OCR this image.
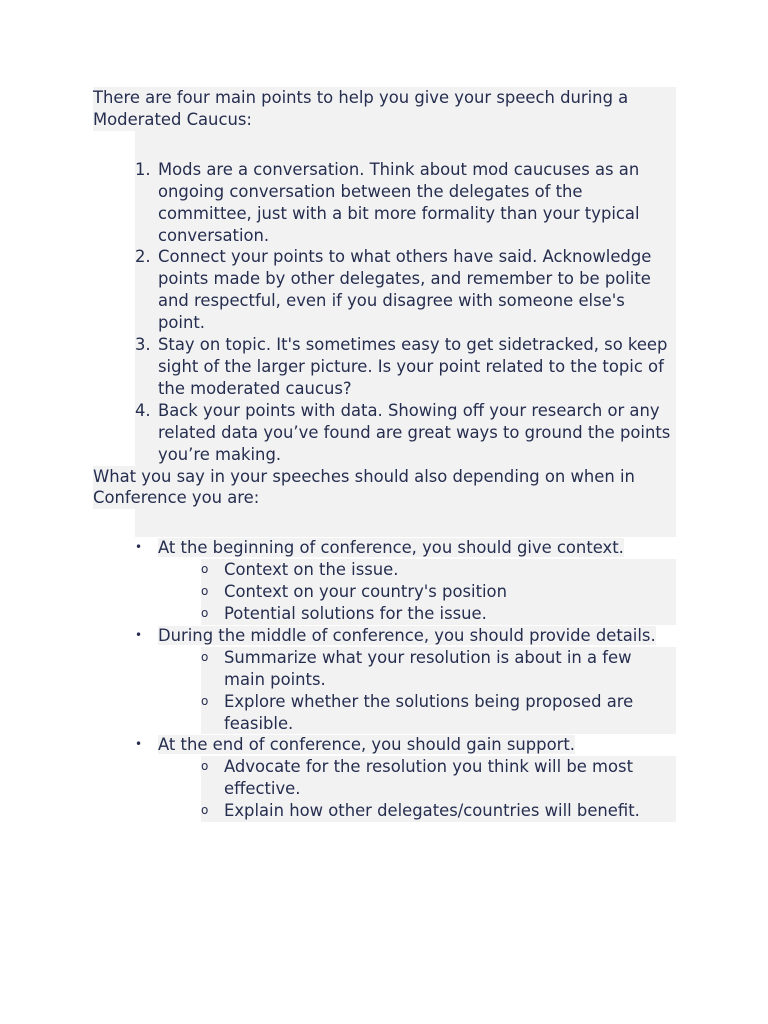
There are four main points to help you give your speech during a Moderated Caucus:

1. Mods are a conversation. Think about mod caucuses as an ongoing conversation between the delegates of the committee, just with a bit more formality than your typical conversation.
2. Connect your points to what others have said. Acknowledge points made by other delegates, and remember to be polite and respectful, even if you disagree with someone else's point.
3. Stay on topic. It's sometimes easy to get sidetracked, so keep sight of the larger picture. Is your point related to the topic of the moderated caucus?
4. Back your points with data. Showing off your research or any related data you’ve found are great ways to ground the points you’re making.

What you say in your speeches should also depending on when in Conference you are:

• At the beginning of conference, you should give context.
o Context on the issue.
o Context on your country's position
o Potential solutions for the issue.
• During the middle of conference, you should provide details.
o Summarize what your resolution is about in a few main points.
o Explore whether the solutions being proposed are feasible.
• At the end of conference, you should gain support.
o Advocate for the resolution you think will be most effective.
o Explain how other delegates/countries will benefit.
